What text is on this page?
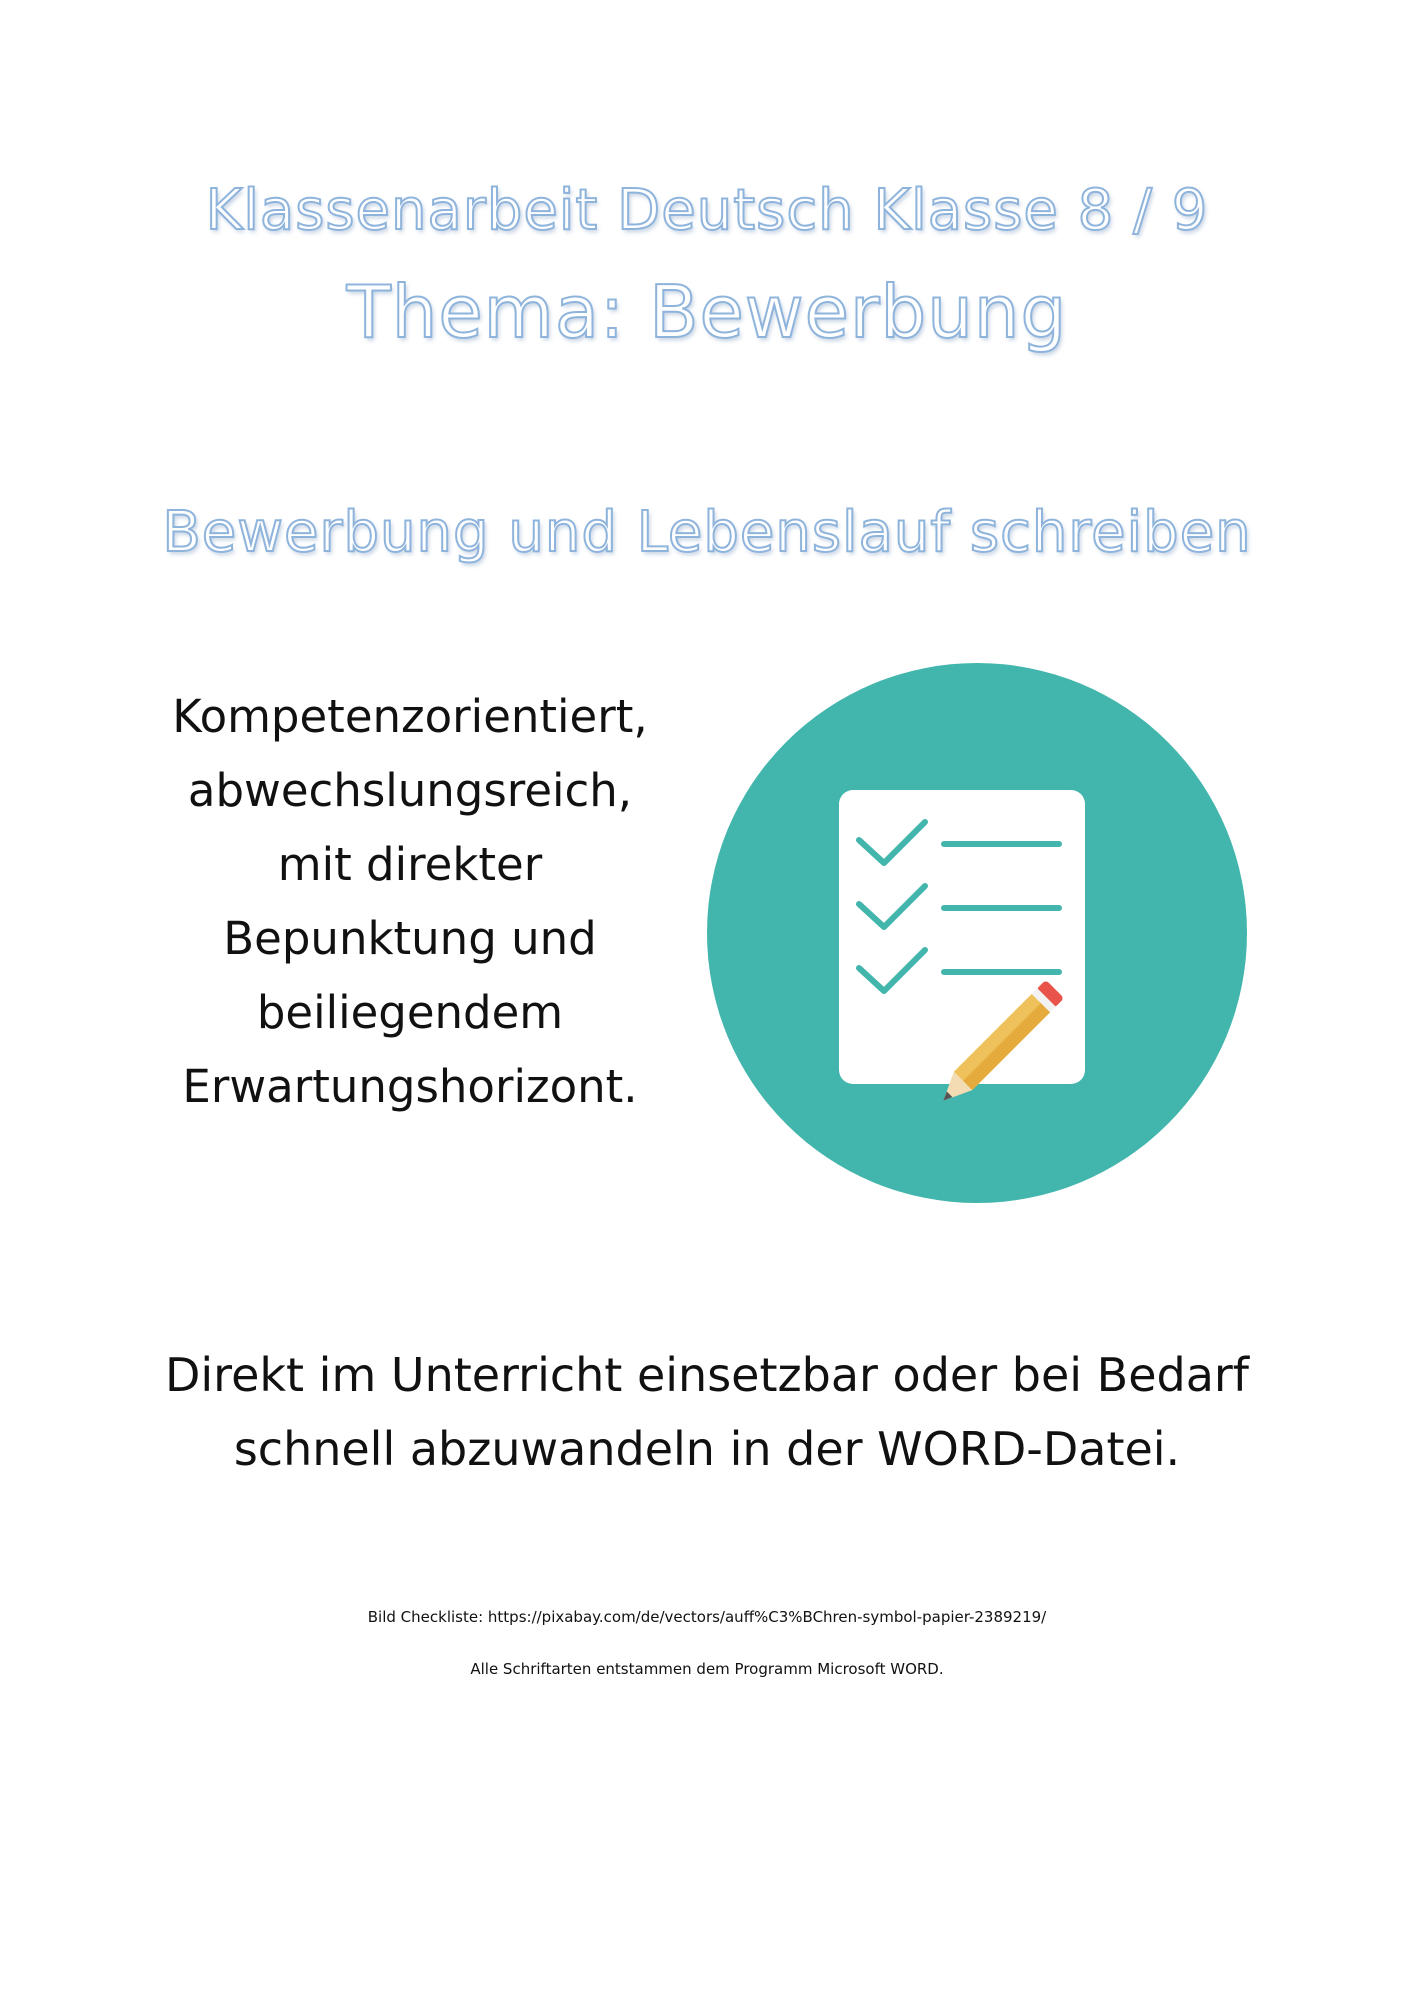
Klassenarbeit Deutsch Klasse 8 / 9
Thema: Bewerbung
Bewerbung und Lebenslauf schreiben
Kompetenzorientiert,
abwechslungsreich,
mit direkter
Bepunktung und
beiliegendem
Erwartungshorizont.
Direkt im Unterricht einsetzbar oder bei Bedarf
schnell abzuwandeln in der WORD-Datei.
Bild Checkliste: https://pixabay.com/de/vectors/auff%C3%BChren-symbol-papier-2389219/
Alle Schriftarten entstammen dem Programm Microsoft WORD.
